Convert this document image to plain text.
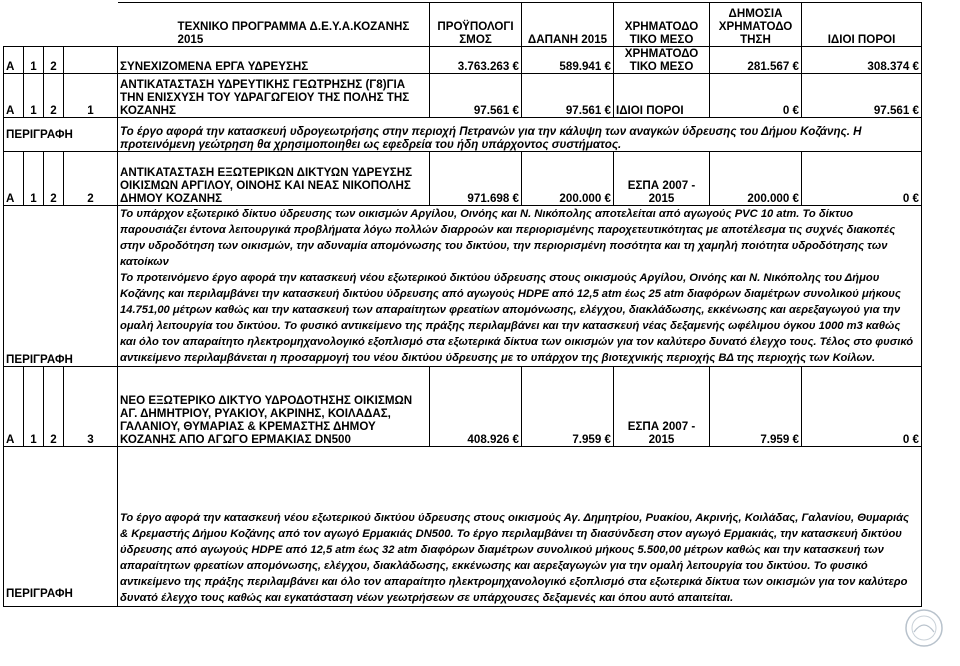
				ΤΕΧΝΙΚΟ ΠΡΟΓΡΑΜΜΑ Δ.Ε.Υ.Α.ΚΟΖΑΝΗΣ 2015	ΠΡΟΫΠΟΛΟΓΙ ΣΜΟΣ	ΔΑΠΑΝΗ 2015	ΧΡΗΜΑΤΟΔΟ ΤΙΚΟ ΜΕΣΟ	ΔΗΜΟΣΙΑ ΧΡΗΜΑΤΟΔΟ ΤΗΣΗ	ΙΔΙΟΙ ΠΟΡΟΙ
Α	1	2		ΣΥΝΕΧΙΖΟΜΕΝΑ ΕΡΓΑ ΥΔΡΕΥΣΗΣ	3.763.263 €	589.941 €	ΧΡΗΜΑΤΟΔΟ ΤΙΚΟ ΜΕΣΟ	281.567 €	308.374 €
Α	1	2	1	ΑΝΤΙΚΑΤΑΣΤΑΣΗ ΥΔΡΕΥΤΙΚΗΣ ΓΕΩΤΡΗΣΗΣ (Γ8)ΓΙΑ ΤΗΝ ΕΝΙΣΧΥΣΗ ΤΟΥ ΥΔΡΑΓΩΓΕΙΟΥ ΤΗΣ ΠΟΛΗΣ ΤΗΣ ΚΟΖΑΝΗΣ	97.561 €	97.561 €	ΙΔΙΟΙ ΠΟΡΟΙ	0 €	97.561 €
ΠΕΡΙΓΡΑΦΗ				Το έργο αφορά την κατασκευή υδρογεωτρήσης στην περιοχή Πετρανών για την κάλυψη των αναγκών ύδρευσης του Δήμου Κοζάνης. Η προτεινόμενη γεώτρηση θα χρησιμοποιηθει ως εφεδρεία του ήδη υπάρχοντος συστήματος.					
Α	1	2	2	ΑΝΤΙΚΑΤΑΣΤΑΣΗ ΕΞΩΤΕΡΙΚΩΝ ΔΙΚΤΥΩΝ ΥΔΡΕΥΣΗΣ ΟΙΚΙΣΜΩΝ ΑΡΓΙΛΟΥ, ΟΙΝΟΗΣ ΚΑΙ ΝΕΑΣ ΝΙΚΟΠΟΛΗΣ ΔΗΜΟΥ ΚΟΖΑΝΗΣ	971.698 €	200.000 €	ΕΣΠΑ 2007 - 2015	200.000 €	0 €
ΠΕΡΙΓΡΑΦΗ				Το υπάρχον εξωτερικό δίκτυο ύδρευσης των οικισμών Αργίλου, Οινόης και Ν. Νικόπολης αποτελείται από αγωγούς PVC 10 atm. Το δίκτυο παρουσιάζει έντονα λειτουργικά προβλήματα λόγω πολλών διαρροών και περιορισμένης παροχετευτικότητας με αποτέλεσμα τις συχνές διακοπές στην υδροδότηση των οικισμών, την αδυναμία απομόνωσης του δικτύου, την περιορισμένη ποσότητα και τη χαμηλή ποιότητα υδροδότησης των κατοίκων
Το προτεινόμενο έργο αφορά την κατασκευή νέου εξωτερικού δικτύου ύδρευσης στους οικισμούς Αργίλου, Οινόης και Ν. Νικόπολης του Δήμου Κοζάνης και περιλαμβάνει την κατασκευή δικτύου ύδρευσης από αγωγούς HDPE από 12,5 atm έως 25 atm διαφόρων διαμέτρων συνολικού μήκους 14.751,00 μέτρων καθώς και την κατασκευή των απαραίτητων φρεατίων απομόνωσης, ελέγχου, διακλάδωσης, εκκένωσης και αερεξαγωγού για την ομαλή λειτουργία του δικτύου. Το φυσικό αντικείμενο της πράξης περιλαμβάνει και την κατασκευή νέας δεξαμενής ωφέλιμου όγκου 1000 m3 καθώς και όλο τον απαραίτητο ηλεκτρομηχανολογικό εξοπλισμό στα εξωτερικά δίκτυα των οικισμών για τον καλύτερο δυνατό έλεγχο τους. Τέλος στο φυσικό αντικείμενο περιλαμβάνεται η προσαρμογή του νέου δικτύου ύδρευσης με το υπάρχον της βιοτεχνικής περιοχής ΒΔ της περιοχής των Κοίλων.					

Α	1	2	3	ΝΕΟ ΕΞΩΤΕΡΙΚΟ ΔΙΚΤΥΟ ΥΔΡΟΔΟΤΗΣΗΣ ΟΙΚΙΣΜΩΝ ΑΓ. ΔΗΜΗΤΡΙΟΥ, ΡΥΑΚΙΟΥ, ΑΚΡΙΝΗΣ, ΚΟΙΛΑΔΑΣ, ΓΑΛΑΝΙΟΥ, ΘΥΜΑΡΙΑΣ & ΚΡΕΜΑΣΤΗΣ ΔΗΜΟΥ ΚΟΖΑΝΗΣ ΑΠΟ ΑΓΩΓΟ ΕΡΜΑΚΙΑΣ DN500	408.926 €	7.959 €	ΕΣΠΑ 2007 - 2015	7.959 €	0 €
ΠΕΡΙΓΡΑΦΗ				Το έργο αφορά την κατασκευή νέου εξωτερικού δικτύου ύδρευσης στους οικισμούς Αγ. Δημητρίου, Ρυακίου, Ακρινής, Κοιλάδας, Γαλανίου, Θυμαριάς & Κρεμαστής Δήμου Κοζάνης από τον αγωγό Ερμακιάς DN500. Το έργο περιλαμβάνει τη διασύνδεση στον αγωγό Ερμακιάς, την κατασκευή δικτύου ύδρευσης από αγωγούς HDPE από 12,5 atm έως 32 atm διαφόρων διαμέτρων συνολικού μήκους 5.500,00 μέτρων καθώς και την κατασκευή των απαραίτητων φρεατίων απομόνωσης, ελέγχου, διακλάδωσης, εκκένωσης και αερεξαγωγών για την ομαλή λειτουργία του δικτύου. Το φυσικό αντικείμενο της πράξης περιλαμβάνει και όλο τον απαραίτητο ηλεκτρομηχανολογικό εξοπλισμό στα εξωτερικά δίκτυα των οικισμών για τον καλύτερο δυνατό έλεγχο τους καθώς και εγκατάσταση νέων γεωτρήσεων σε υπάρχουσες δεξαμενές και όπου αυτό απαιτείται.					
